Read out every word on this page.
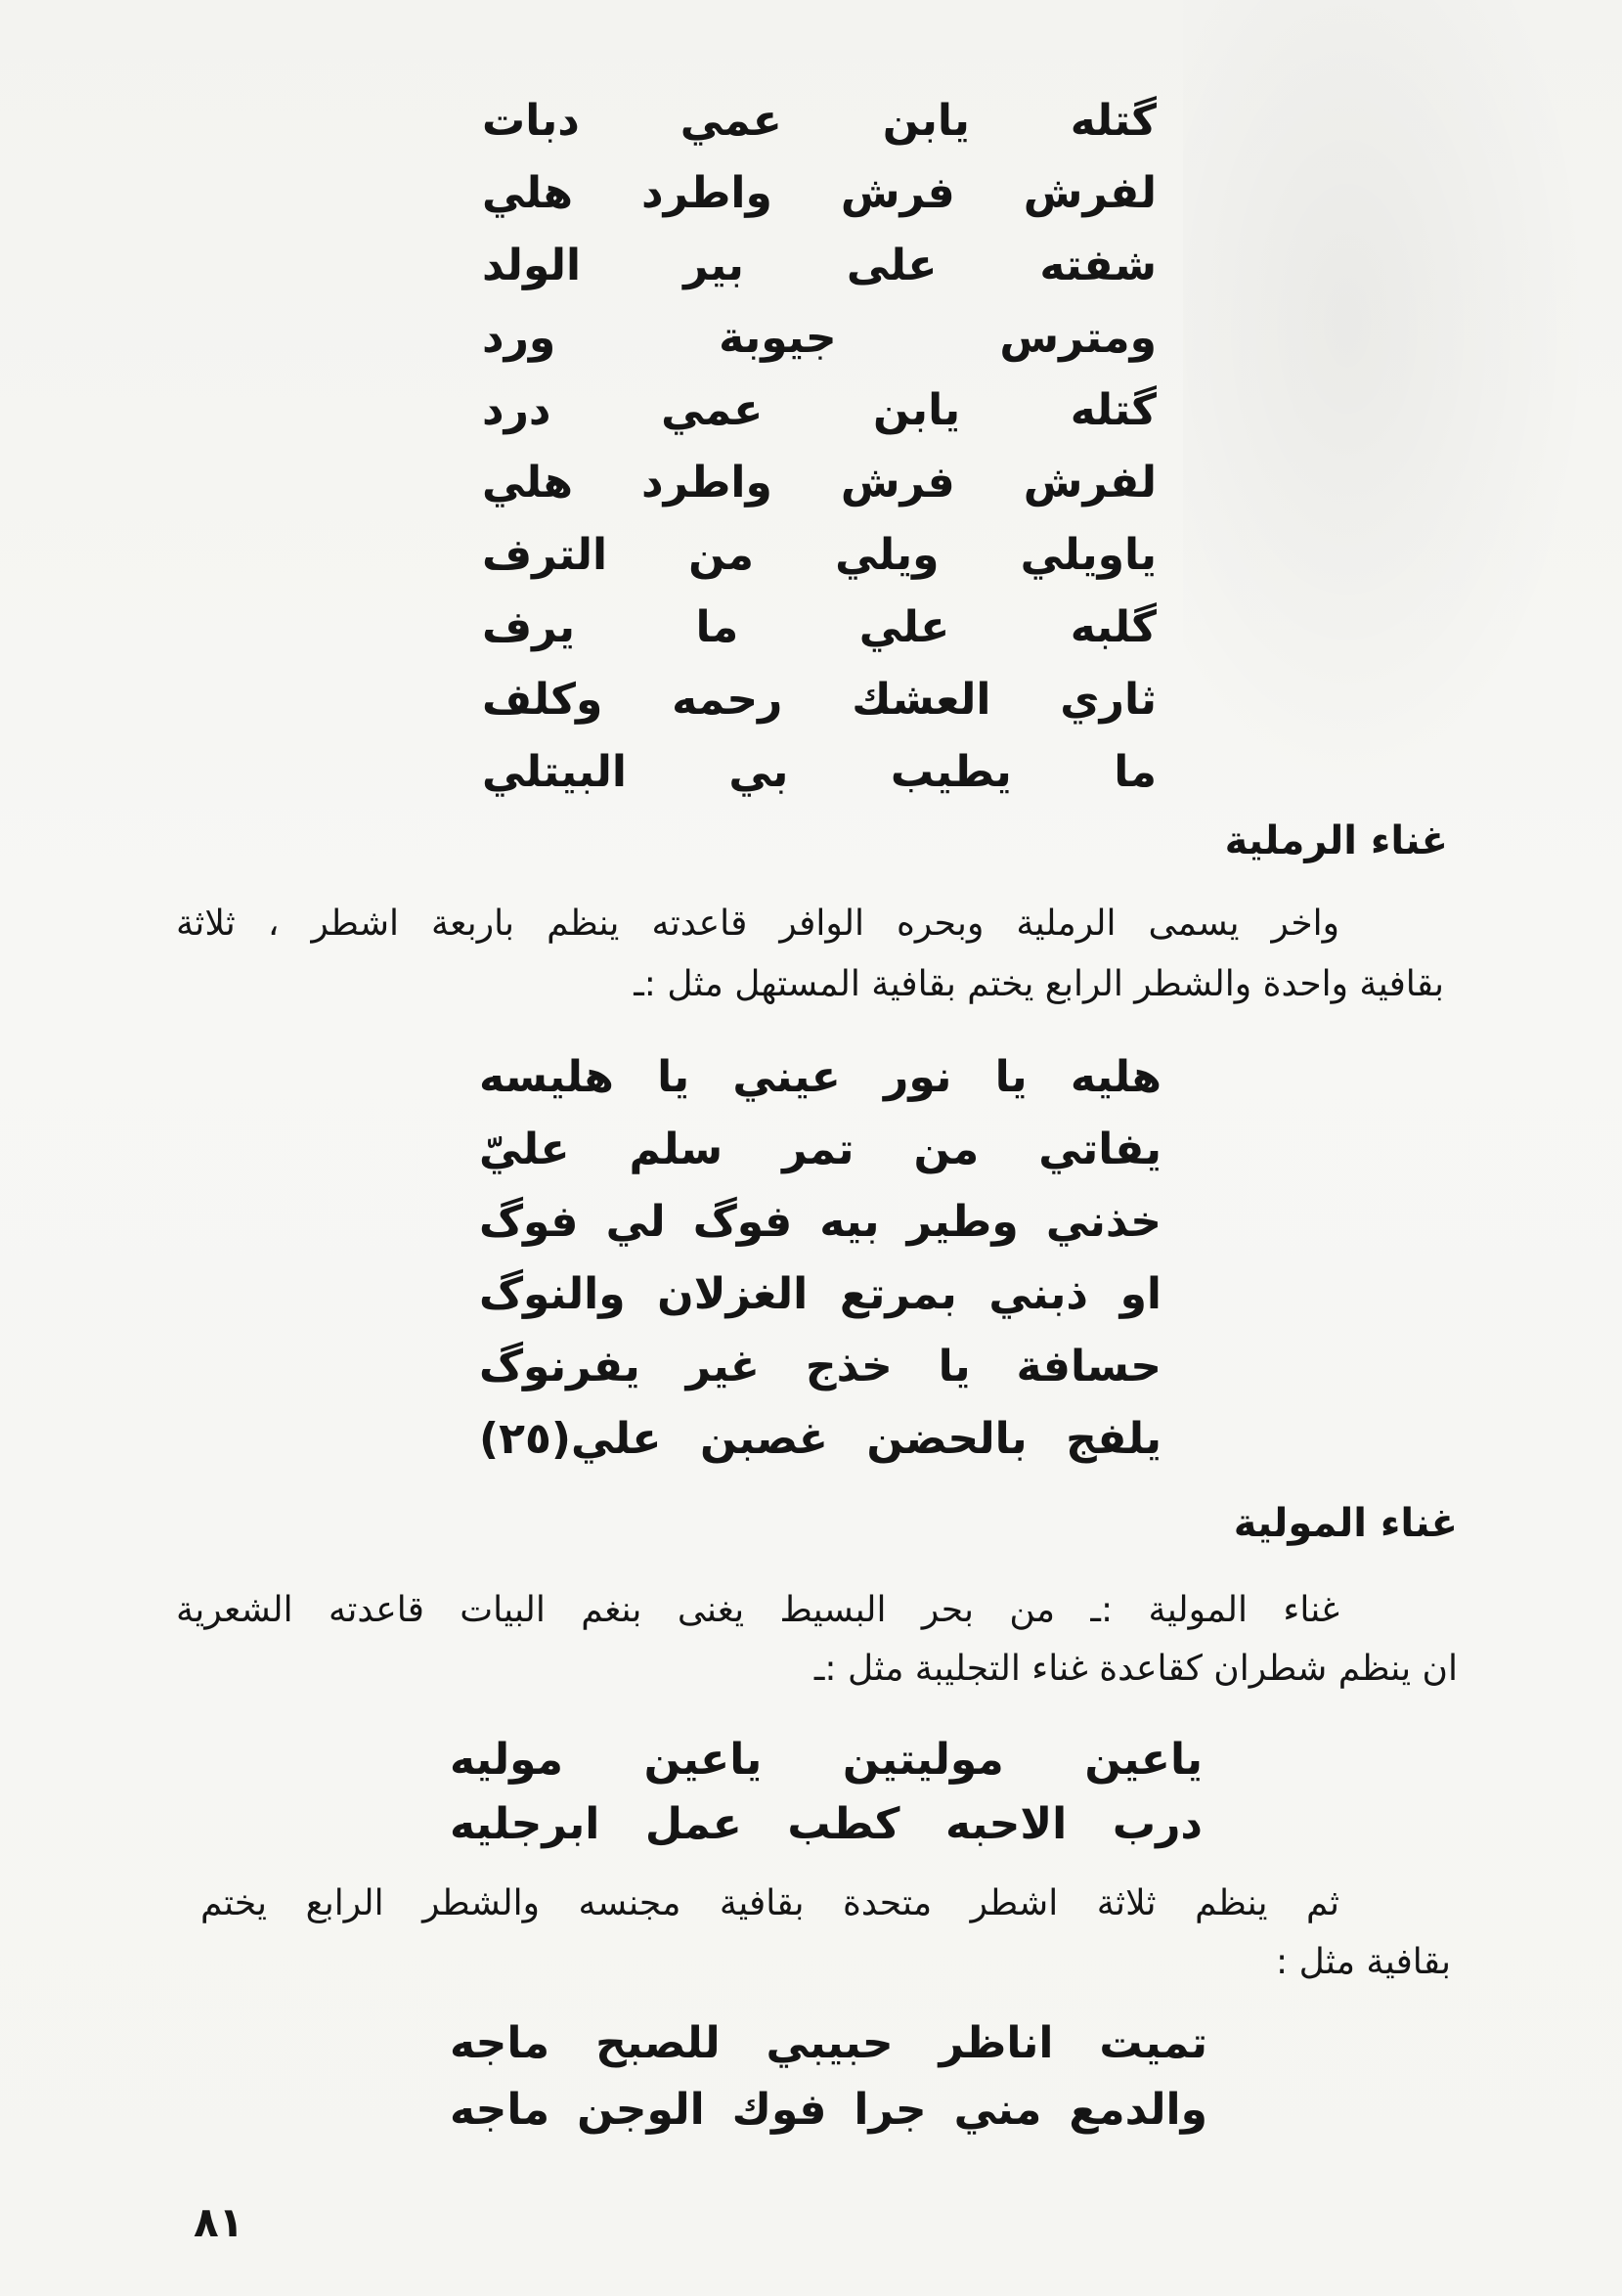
گتله يابن عمي دبات
لفرش فرش واطرد هلي
شفته على بير الولد
ومترس جيوبة ورد
گتله يابن عمي درد
لفرش فرش واطرد هلي
ياويلي ويلي من الترف
گلبه علي ما يرف
ثاري العشك رحمه وكلف
ما يطيب بي البيتلي
غناء الرملية
واخر يسمى الرملية وبحره الوافر قاعدته ينظم باربعة اشطر ، ثلاثة
بقافية واحدة والشطر الرابع يختم بقافية المستهل مثل :ـ
هليه يا نور عيني يا هليسه
يفاتي من تمر سلم عليّ
خذني وطير بيه فوگ لي فوگ
او ذبني بمرتع الغزلان والنوگ
حسافة يا خذج غير يفرنوگ
يلفج بالحضن غصبن علي(٢٥)
غناء المولية
غناء المولية :ـ من بحر البسيط يغنى بنغم البيات قاعدته الشعرية
ان ينظم شطران كقاعدة غناء التجليبة مثل :ـ
ياعين موليتين ياعين موليه
درب الاحبه كطب عمل ابرجليه
ثم ينظم ثلاثة اشطر متحدة بقافية مجنسه والشطر الرابع يختم
بقافية مثل :
تميت اناظر حبيبي للصبح ماجه
والدمع مني جرا فوك الوجن ماجه
٨١
